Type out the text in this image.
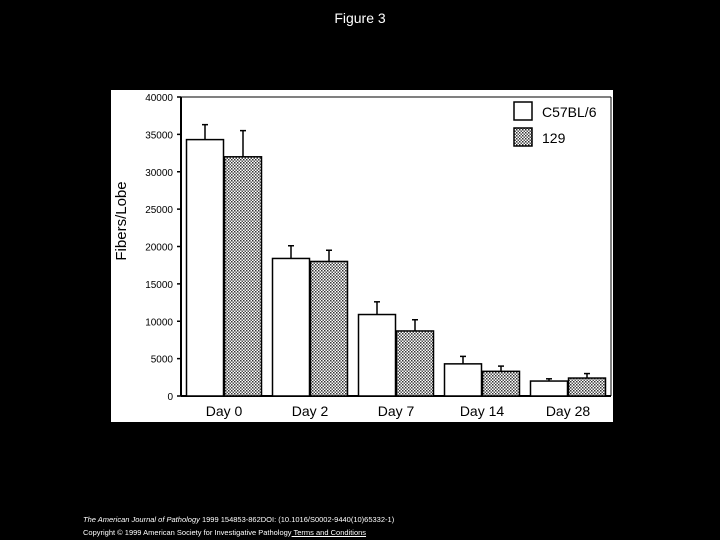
Figure 3
0
5000
10000
15000
20000
25000
30000
35000
40000
Day 0	Day 2	Day 7	Day 14	Day 28
C57BL/6
129
Fibers/Lobe
The American Journal of Pathology 1999 154853-862DOI: (10.1016/S0002-9440(10)65332-1)
Copyright © 1999 American Society for Investigative Pathology Terms and Conditions
